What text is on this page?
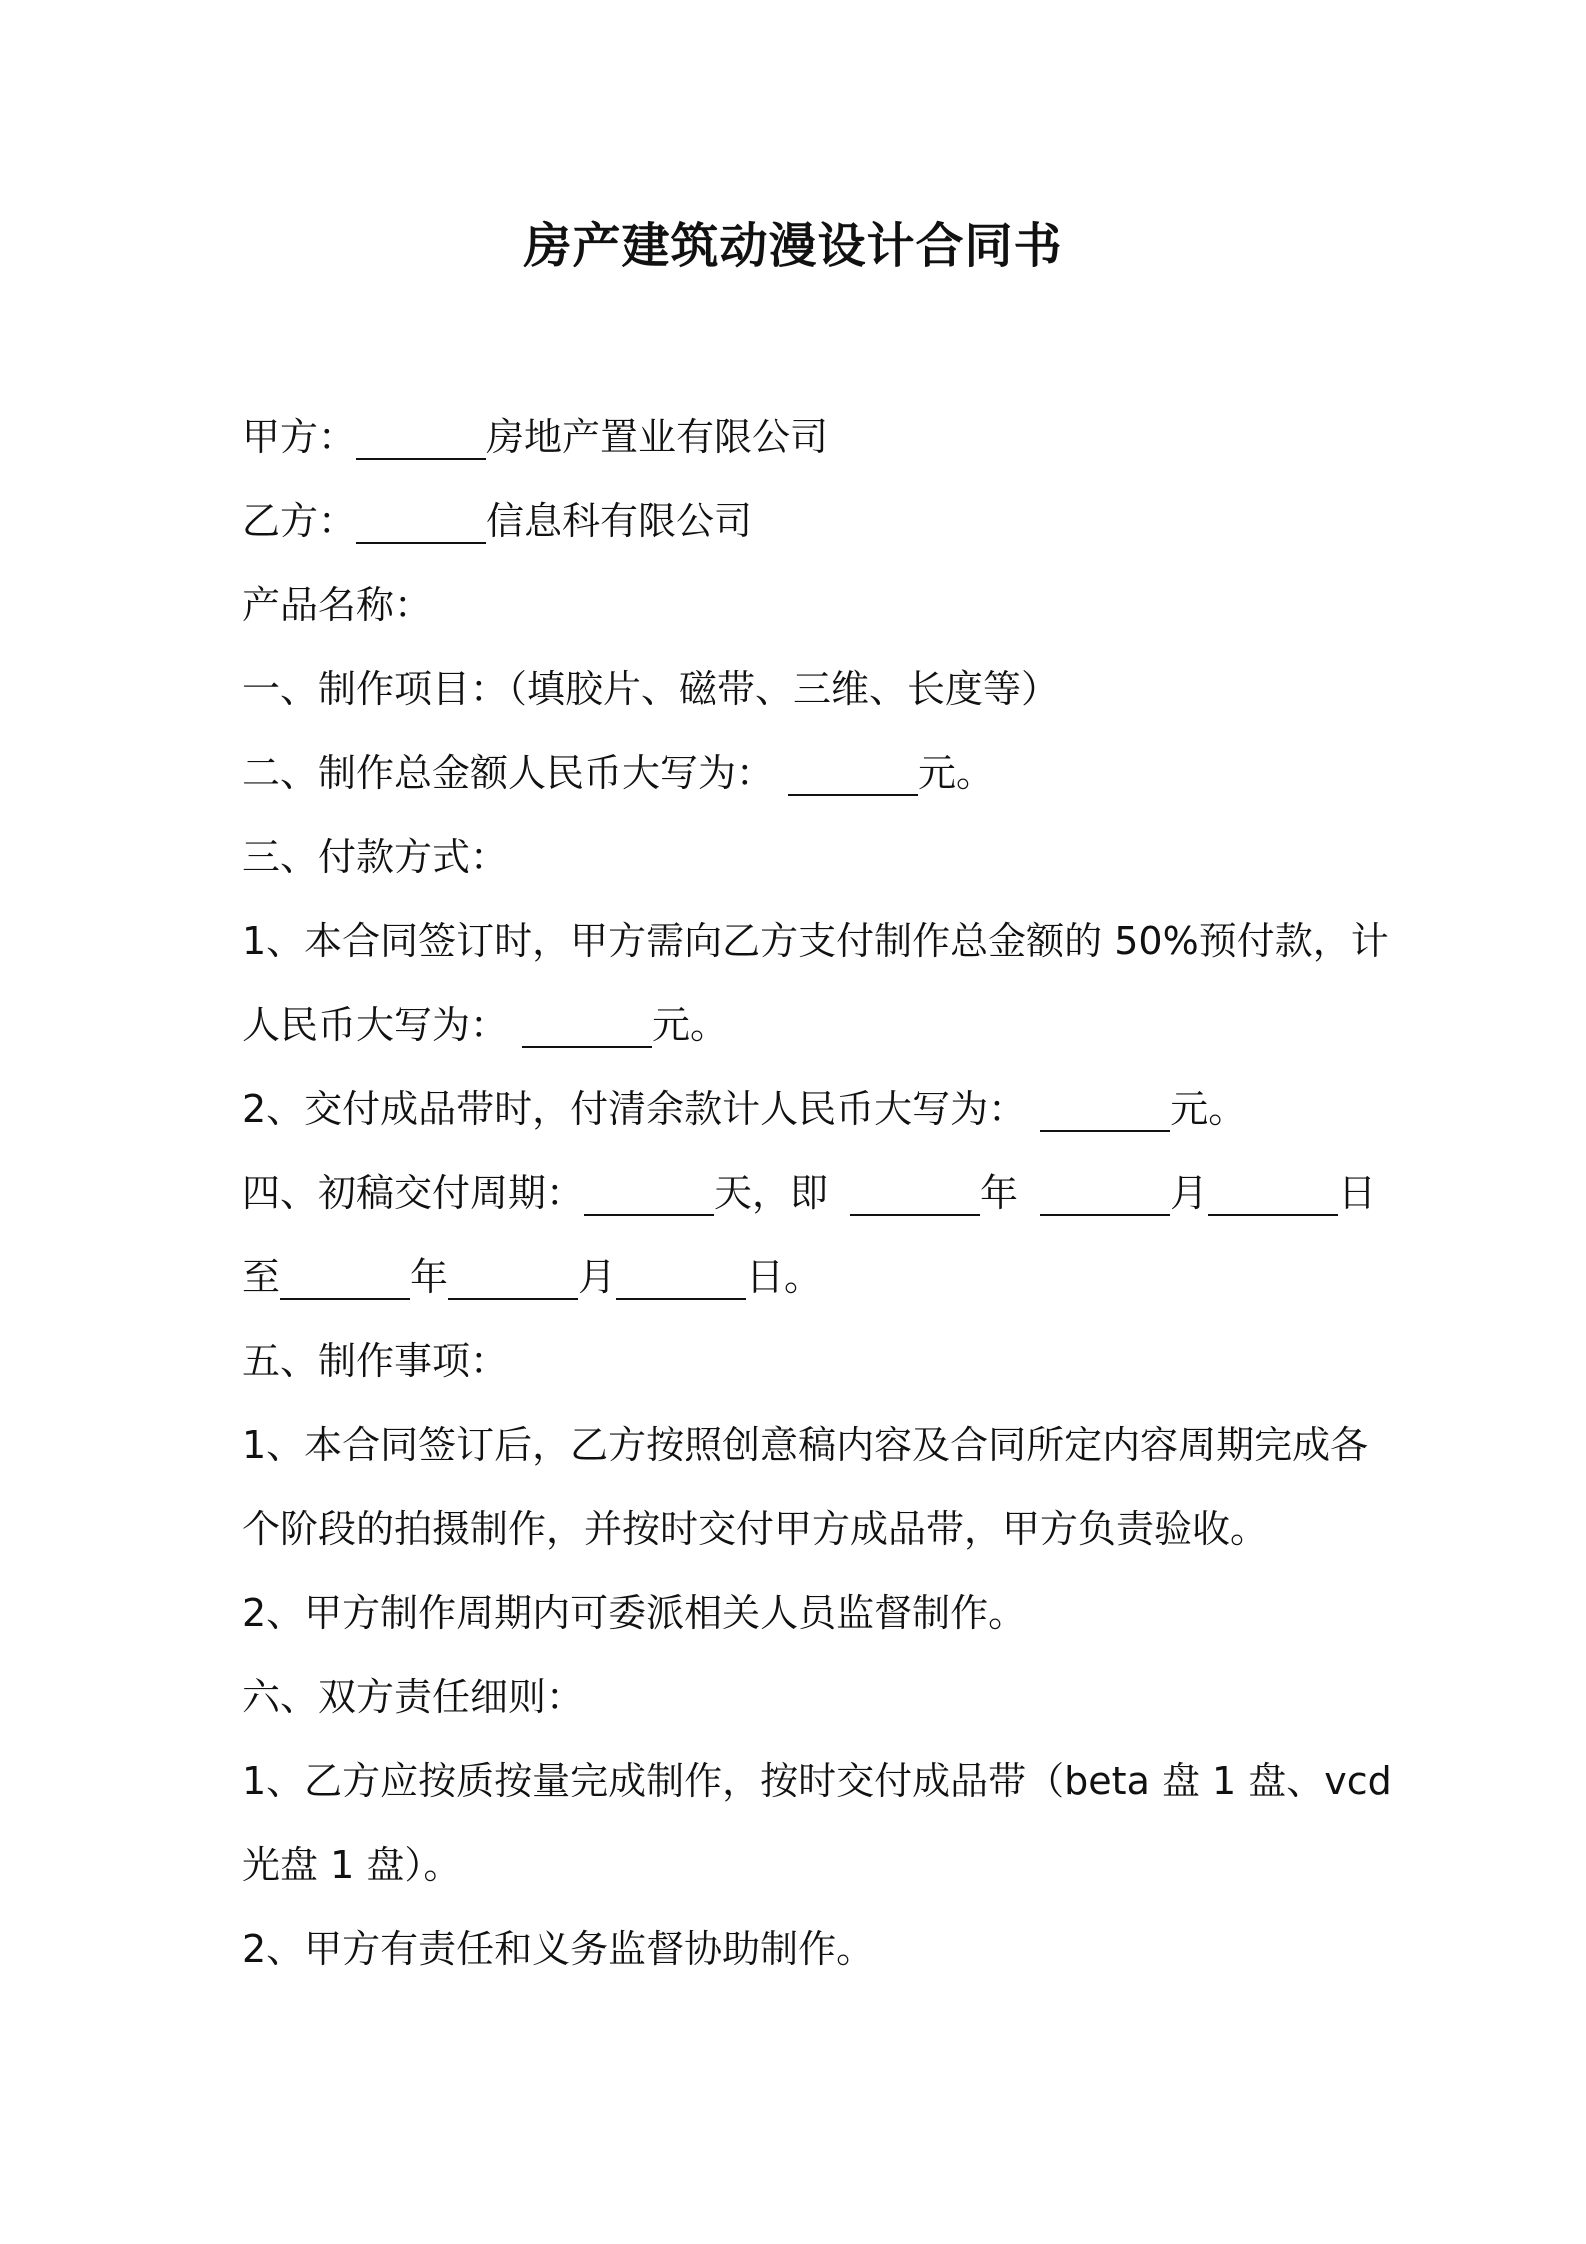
房产建筑动漫设计合同书
甲方：	房地产置业有限公司
乙方：	信息科有限公司
产品名称：
一、制作项目：（填胶片、磁带、三维、长度等）
二、制作总金额人民币大写为：	元。
三、付款方式：
1、本合同签订时，甲方需向乙方支付制作总金额的 50%预付款，计
人民币大写为：	元。
2、交付成品带时，付清余款计人民币大写为：	元。
四、初稿交付周期：	天，即	年	月	日
至	年	月	日。
五、制作事项：
1、本合同签订后，乙方按照创意稿内容及合同所定内容周期完成各
个阶段的拍摄制作，并按时交付甲方成品带，甲方负责验收。
2、甲方制作周期内可委派相关人员监督制作。
六、双方责任细则：
1、乙方应按质按量完成制作，按时交付成品带（beta 盘 1 盘、vcd
光盘 1 盘）。
2、甲方有责任和义务监督协助制作。
